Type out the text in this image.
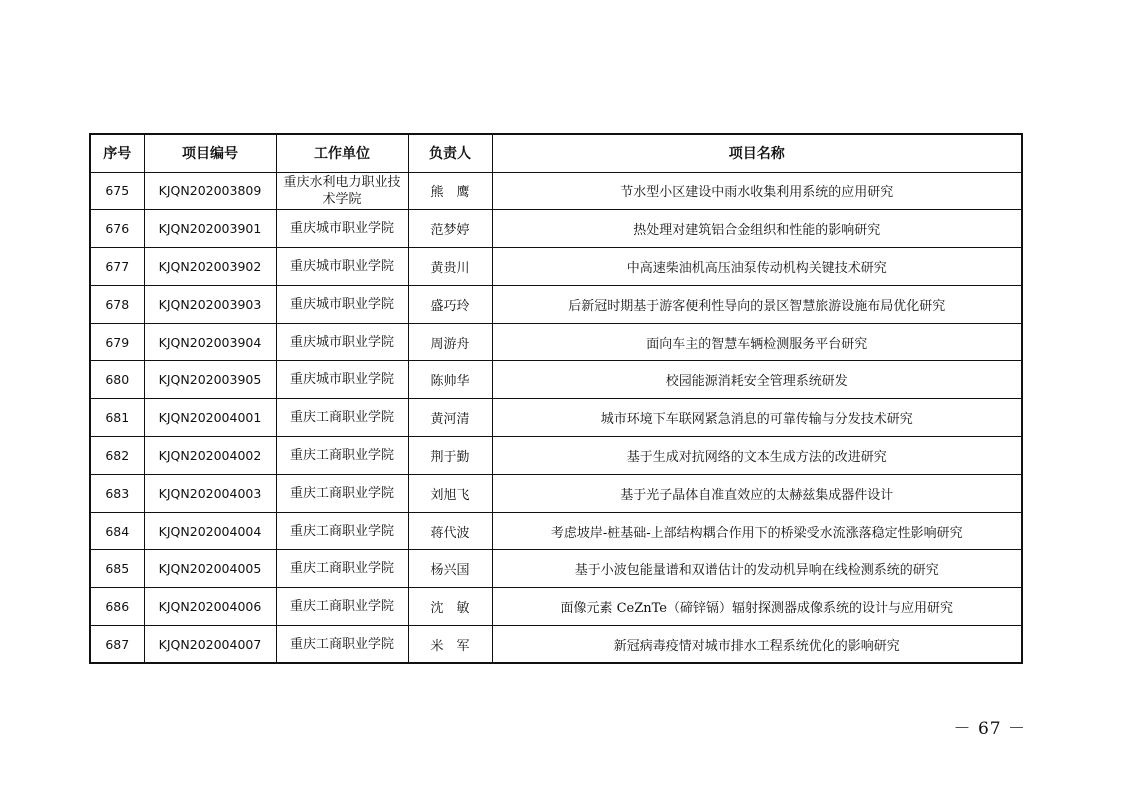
序号	项目编号	工作单位	负责人	项目名称
675	KJQN202003809	重庆水利电力职业技术学院	熊　鹰	节水型小区建设中雨水收集利用系统的应用研究
676	KJQN202003901	重庆城市职业学院	范梦婷	热处理对建筑铝合金组织和性能的影响研究
677	KJQN202003902	重庆城市职业学院	黄贵川	中高速柴油机高压油泵传动机构关键技术研究
678	KJQN202003903	重庆城市职业学院	盛巧玲	后新冠时期基于游客便利性导向的景区智慧旅游设施布局优化研究
679	KJQN202003904	重庆城市职业学院	周游舟	面向车主的智慧车辆检测服务平台研究
680	KJQN202003905	重庆城市职业学院	陈帅华	校园能源消耗安全管理系统研发
681	KJQN202004001	重庆工商职业学院	黄河清	城市环境下车联网紧急消息的可靠传输与分发技术研究
682	KJQN202004002	重庆工商职业学院	荆于勤	基于生成对抗网络的文本生成方法的改进研究
683	KJQN202004003	重庆工商职业学院	刘旭飞	基于光子晶体自准直效应的太赫兹集成器件设计
684	KJQN202004004	重庆工商职业学院	蒋代波	考虑坡岸-桩基础-上部结构耦合作用下的桥梁受水流涨落稳定性影响研究
685	KJQN202004005	重庆工商职业学院	杨兴国	基于小波包能量谱和双谱估计的发动机异响在线检测系统的研究
686	KJQN202004006	重庆工商职业学院	沈　敏	面像元素 CeZnTe（碲锌镉）辐射探测器成像系统的设计与应用研究
687	KJQN202004007	重庆工商职业学院	米　军	新冠病毒疫情对城市排水工程系统优化的影响研究
－ 67 －
